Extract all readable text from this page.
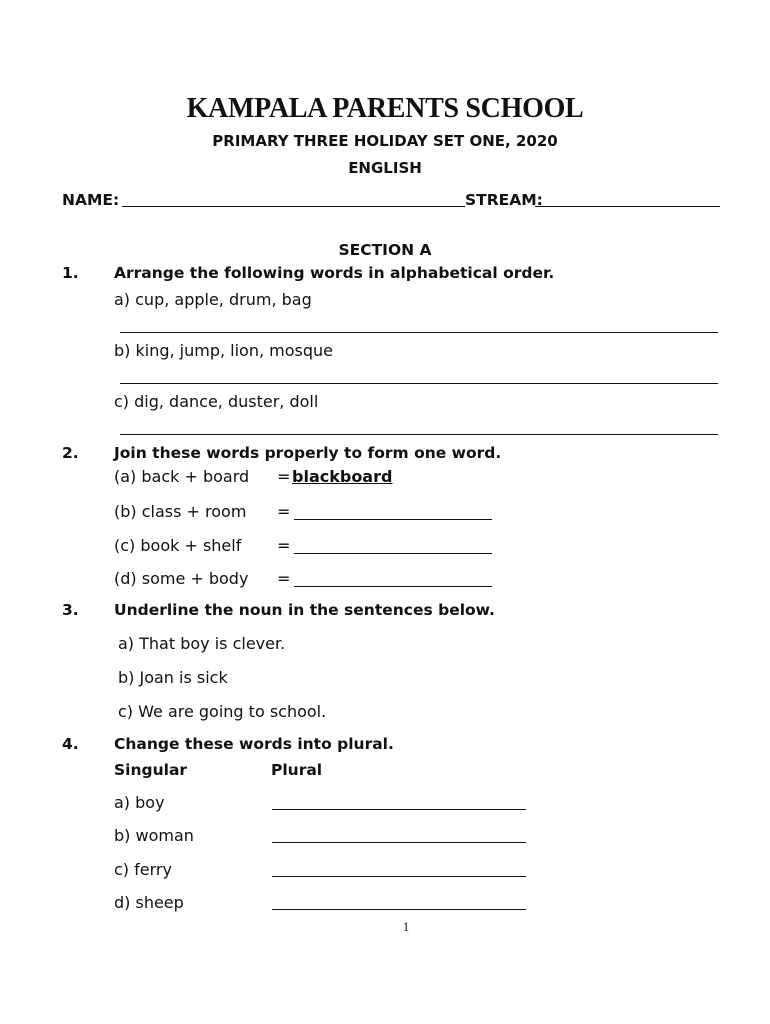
KAMPALA PARENTS SCHOOL
PRIMARY THREE HOLIDAY SET ONE, 2020
ENGLISH
NAME:	STREAM:
SECTION A
1. Arrange the following words in alphabetical order.
a) cup, apple, drum, bag
b) king, jump, lion, mosque
c) dig, dance, duster, doll
2. Join these words properly to form one word.
(a) back + board = blackboard
(b) class + room =
(c) book + shelf =
(d) some + body =
3. Underline the noun in the sentences below.
a) That boy is clever.
b) Joan is sick
c) We are going to school.
4. Change these words into plural.
Singular	Plural
a) boy
b) woman
c) ferry
d) sheep
1
